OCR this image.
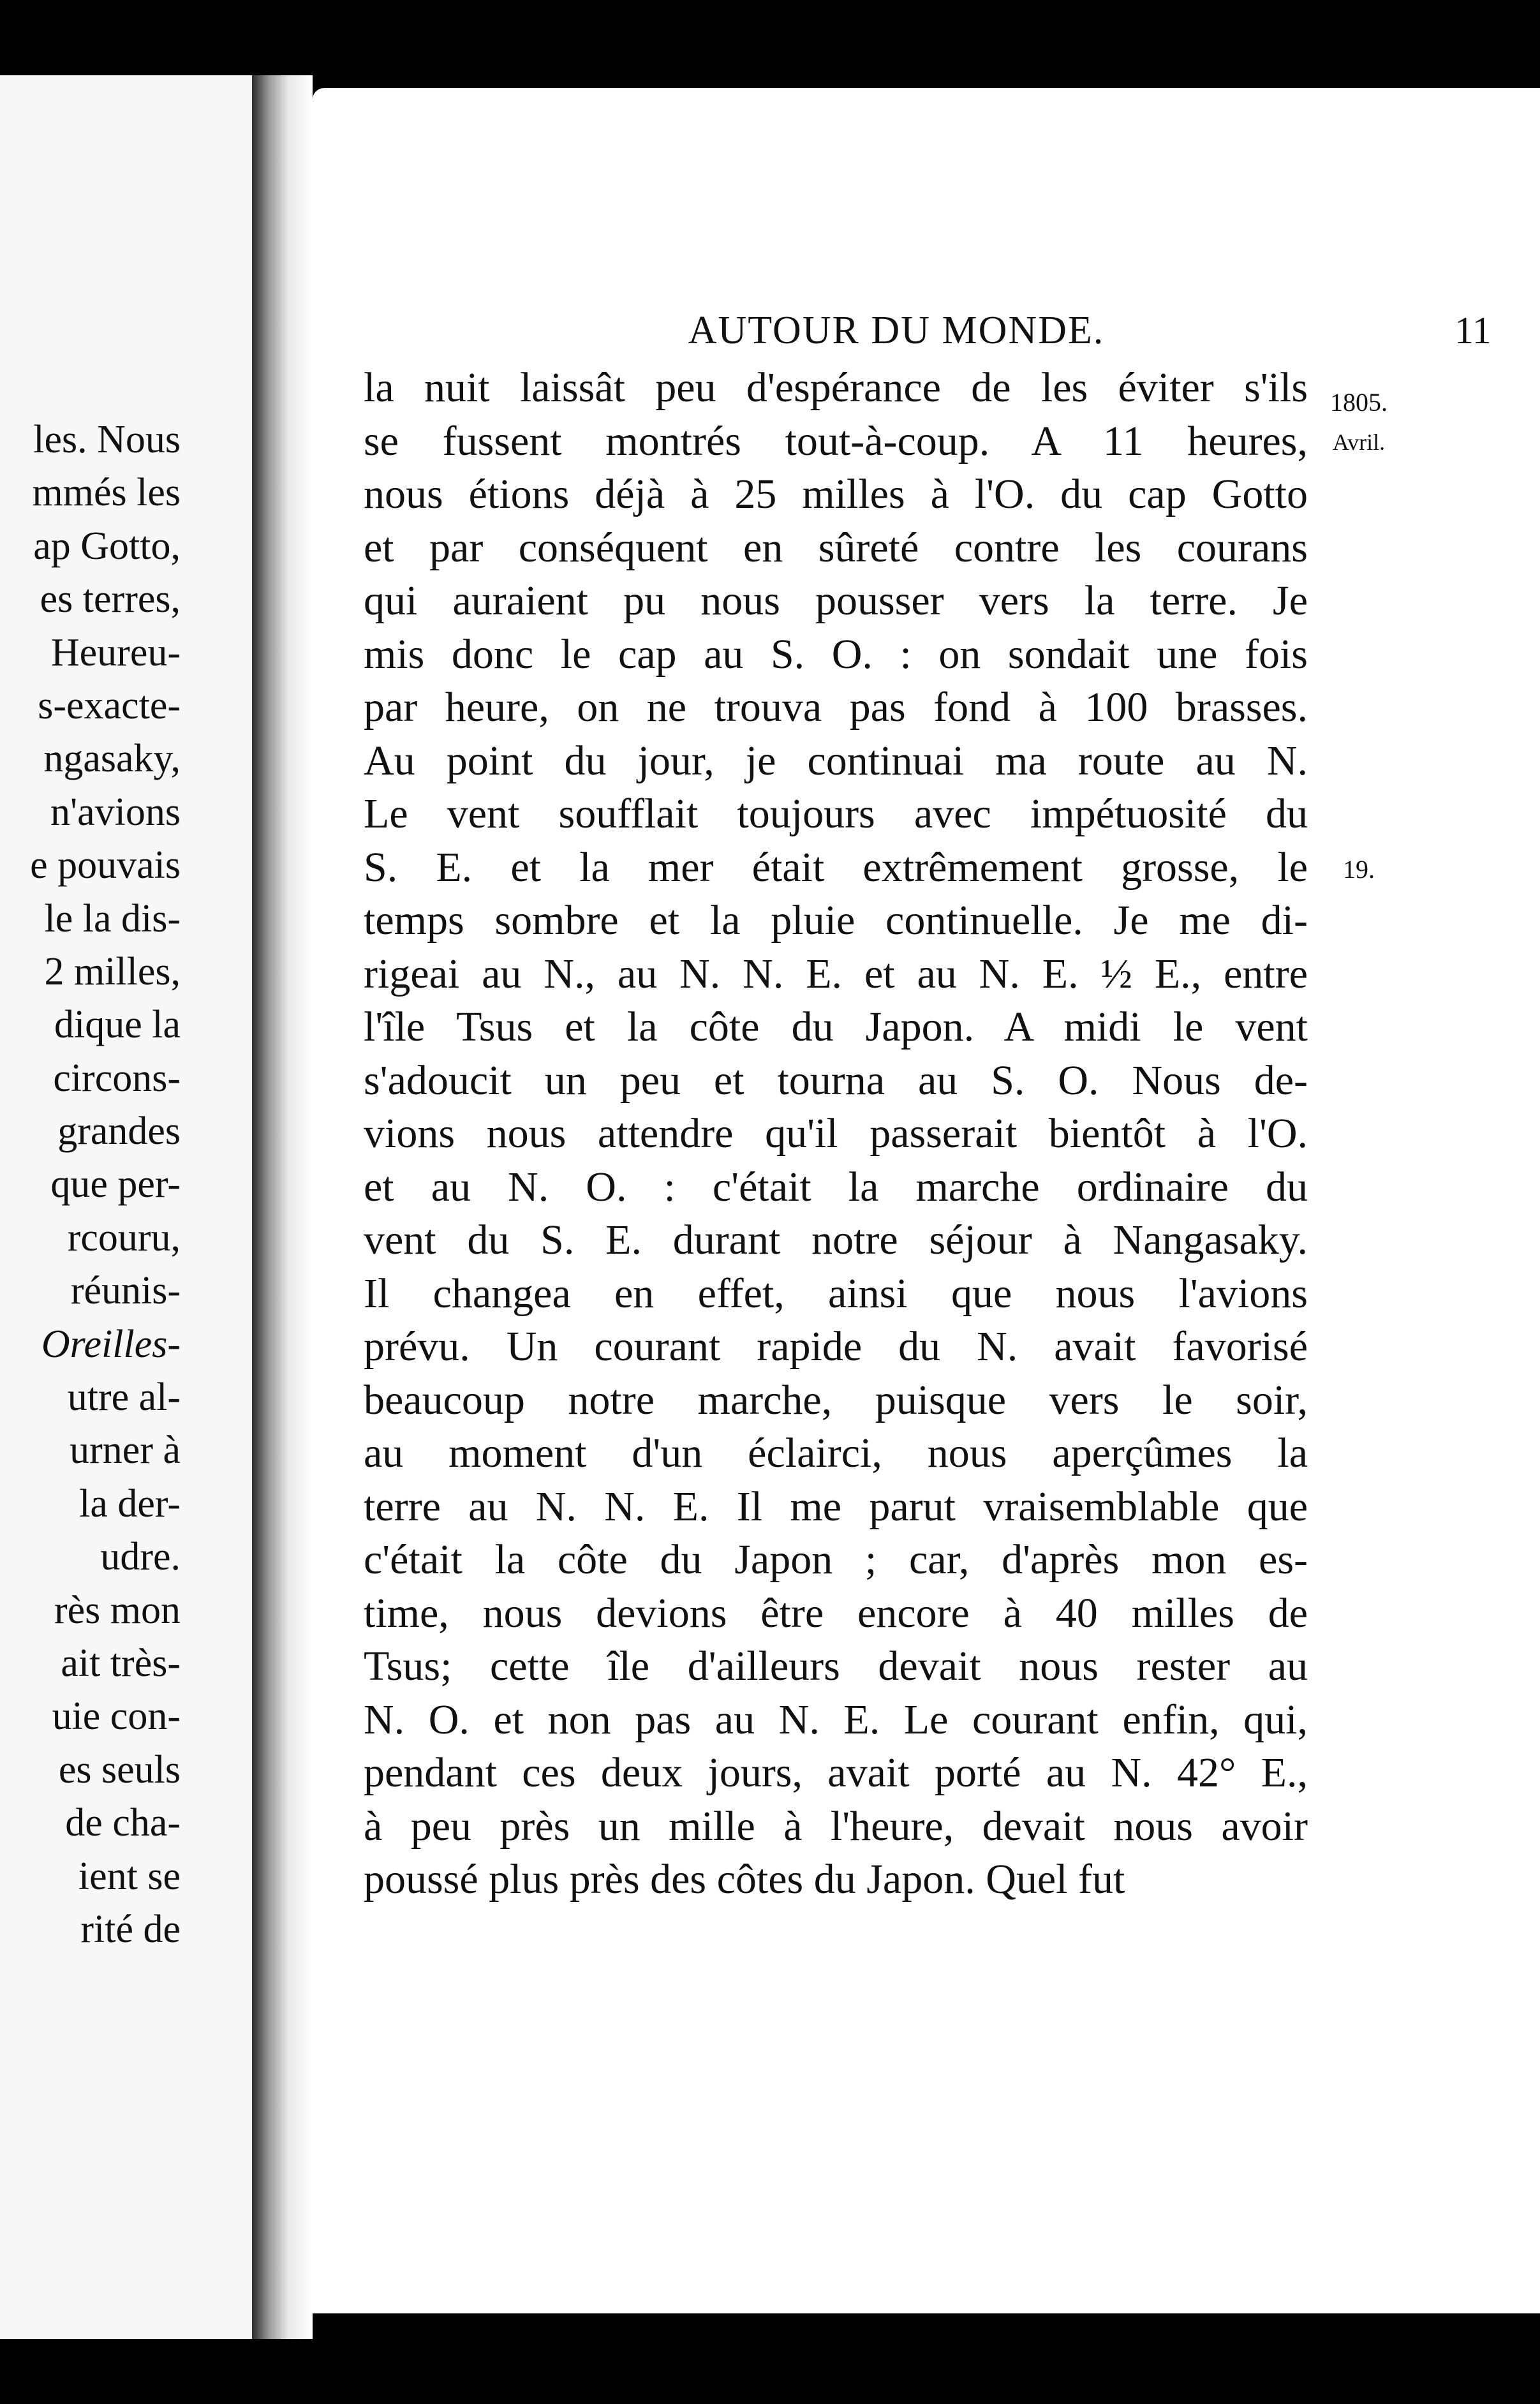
les. Nous
mmés les
ap Gotto,
es terres,
Heureu-
s-exacte-
ngasaky,
n'avions
e pouvais
le la dis-
2 milles,
dique la
circons-
grandes
que per-
rcouru,
réunis-
Oreilles-
utre al-
urner à
la der-
udre.
rès mon
ait très-
uie con-
es seuls
de cha-
ient se
rité de
AUTOUR DU MONDE.	11
1805.
Avril.
19.
la nuit laissât peu d'espérance de les éviter s'ils
se fussent montrés tout-à-coup. A 11 heures,
nous étions déjà à 25 milles à l'O. du cap Gotto
et par conséquent en sûreté contre les courans
qui auraient pu nous pousser vers la terre. Je
mis donc le cap au S. O. : on sondait une fois
par heure, on ne trouva pas fond à 100 brasses.
Au point du jour, je continuai ma route au N.
Le vent soufflait toujours avec impétuosité du
S. E. et la mer était extrêmement grosse, le
temps sombre et la pluie continuelle. Je me di-
rigeai au N., au N. N. E. et au N. E. ½ E., entre
l'île Tsus et la côte du Japon. A midi le vent
s'adoucit un peu et tourna au S. O. Nous de-
vions nous attendre qu'il passerait bientôt à l'O.
et au N. O. : c'était la marche ordinaire du
vent du S. E. durant notre séjour à Nangasaky.
Il changea en effet, ainsi que nous l'avions
prévu. Un courant rapide du N. avait favorisé
beaucoup notre marche, puisque vers le soir,
au moment d'un éclairci, nous aperçûmes la
terre au N. N. E. Il me parut vraisemblable que
c'était la côte du Japon ; car, d'après mon es-
time, nous devions être encore à 40 milles de
Tsus; cette île d'ailleurs devait nous rester au
N. O. et non pas au N. E. Le courant enfin, qui,
pendant ces deux jours, avait porté au N. 42° E.,
à peu près un mille à l'heure, devait nous avoir
poussé plus près des côtes du Japon. Quel fut
